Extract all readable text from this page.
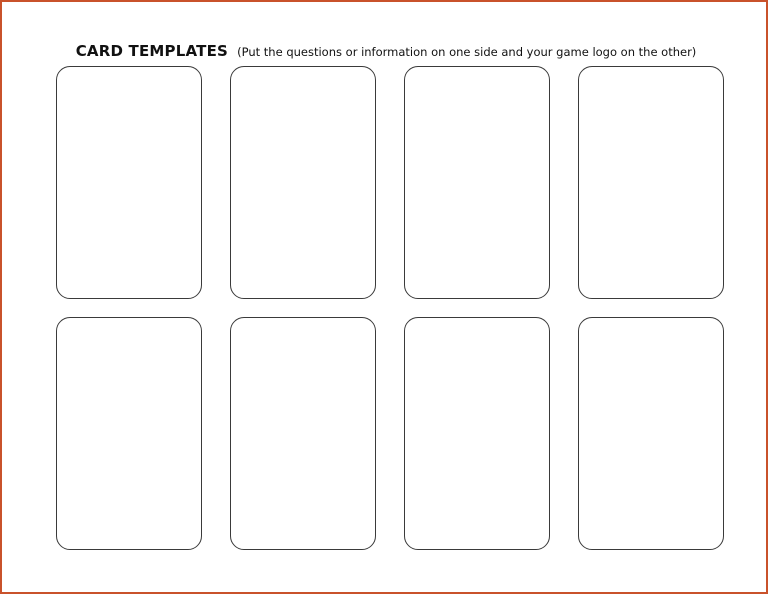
CARD TEMPLATES (Put the questions or information on one side and your game logo on the other)
